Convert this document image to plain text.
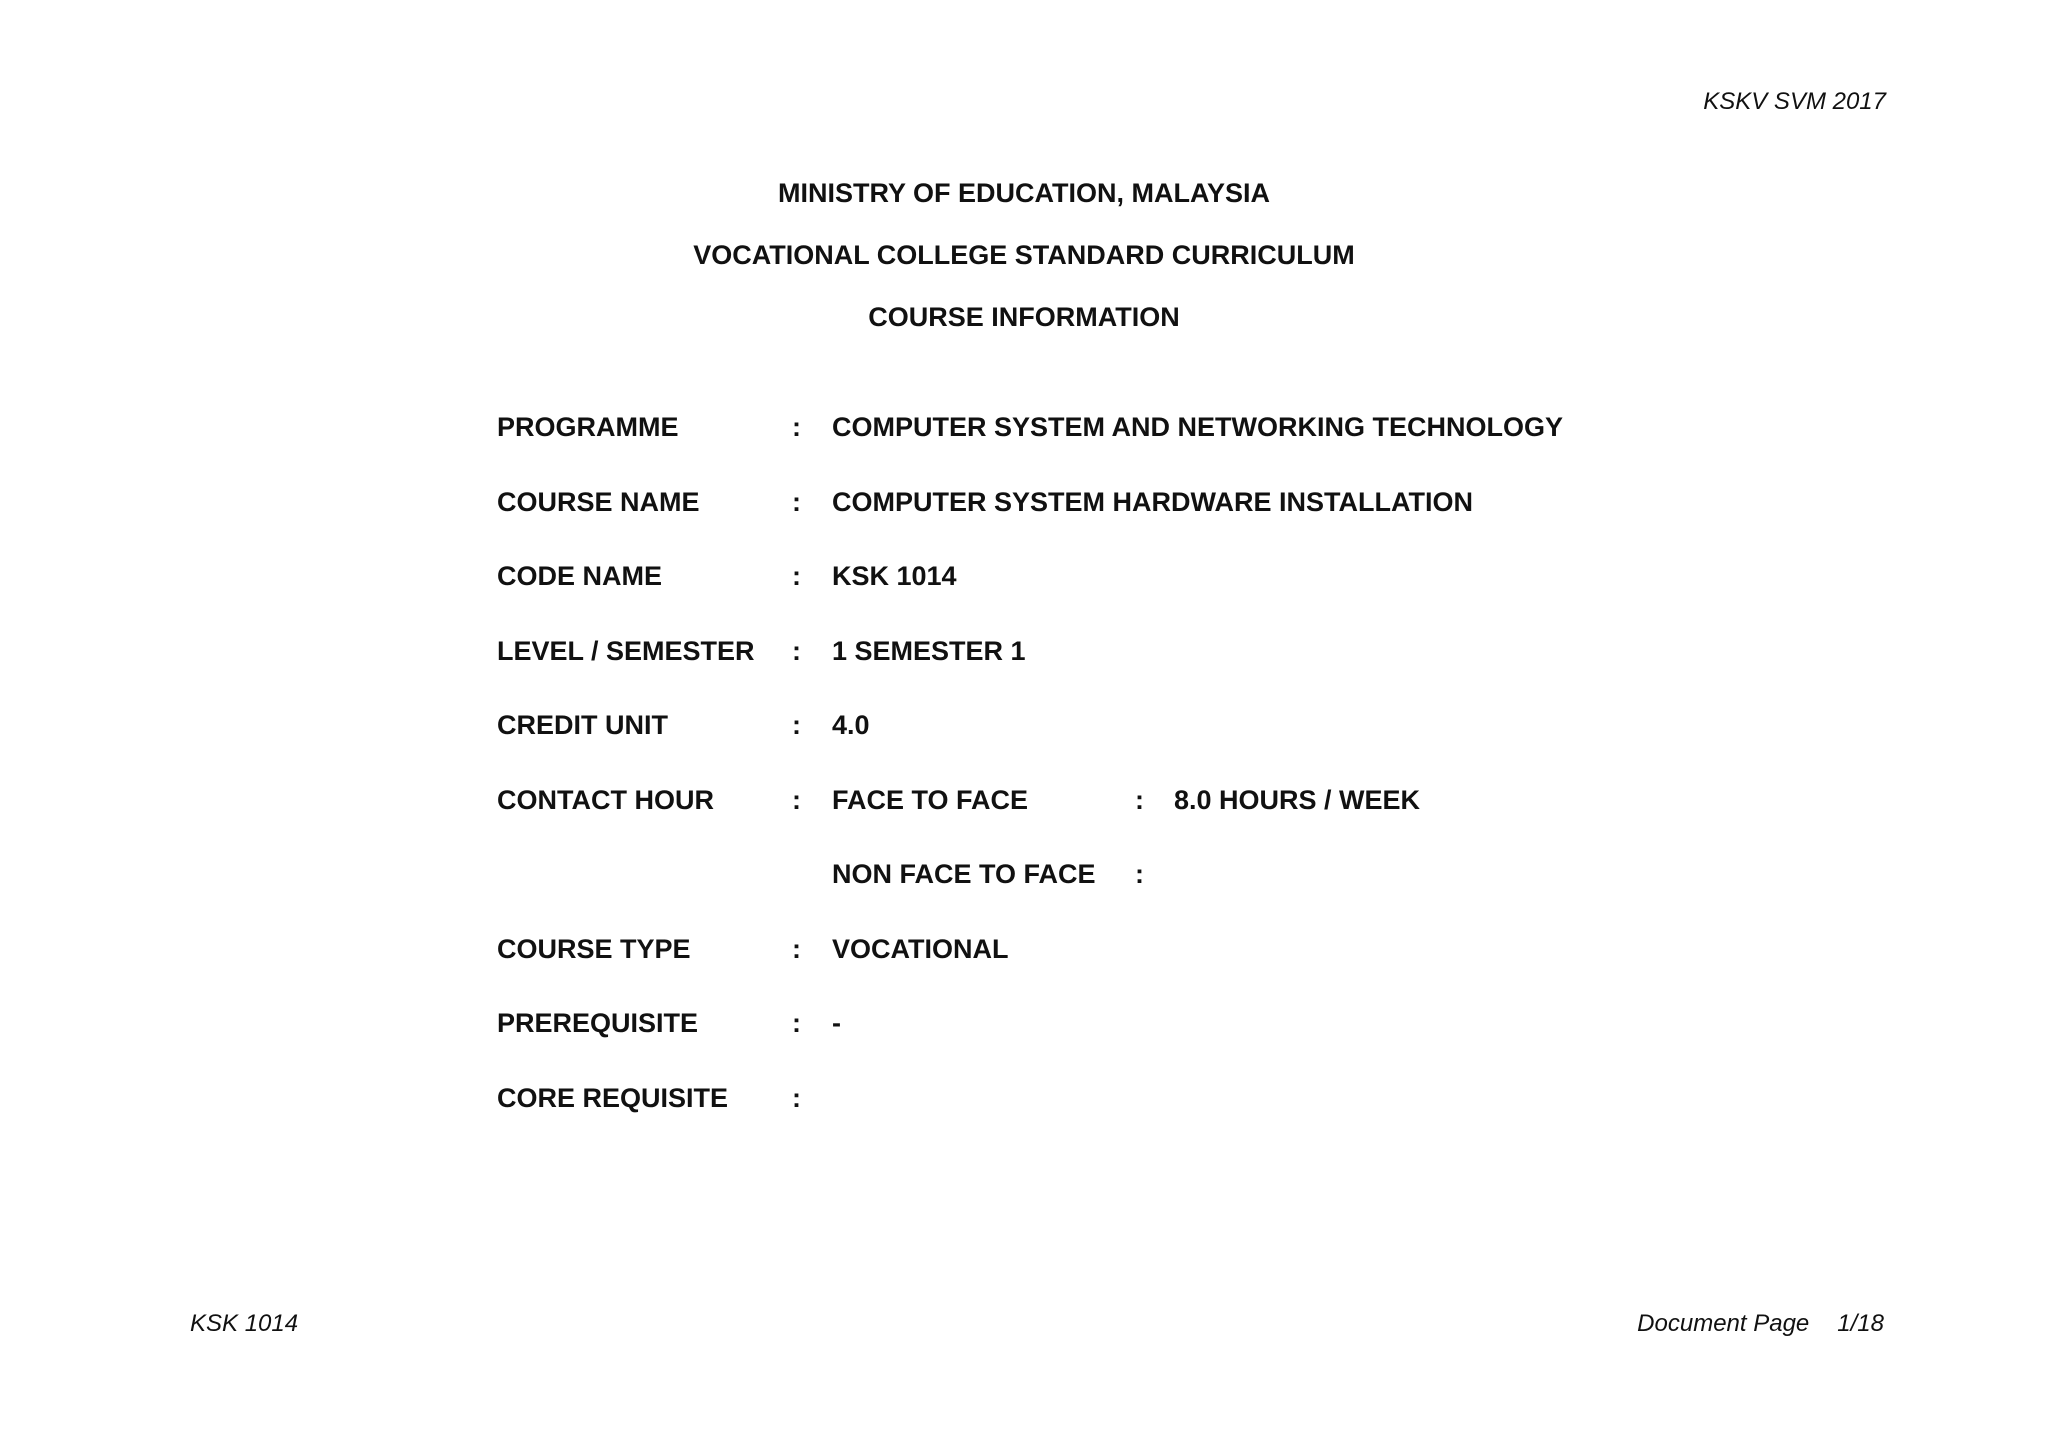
KSKV SVM 2017
MINISTRY OF EDUCATION, MALAYSIA
VOCATIONAL COLLEGE STANDARD CURRICULUM
COURSE INFORMATION
PROGRAMME	: COMPUTER SYSTEM AND NETWORKING TECHNOLOGY
COURSE NAME	: COMPUTER SYSTEM HARDWARE INSTALLATION
CODE NAME	: KSK 1014
LEVEL / SEMESTER : 1 SEMESTER 1
CREDIT UNIT	: 4.0
CONTACT HOUR	: FACE TO FACE	: 8.0 HOURS / WEEK
NON FACE TO FACE :
COURSE TYPE	: VOCATIONAL
PREREQUISITE	: -
CORE REQUISITE :
KSK 1014	Document Page 1/18
